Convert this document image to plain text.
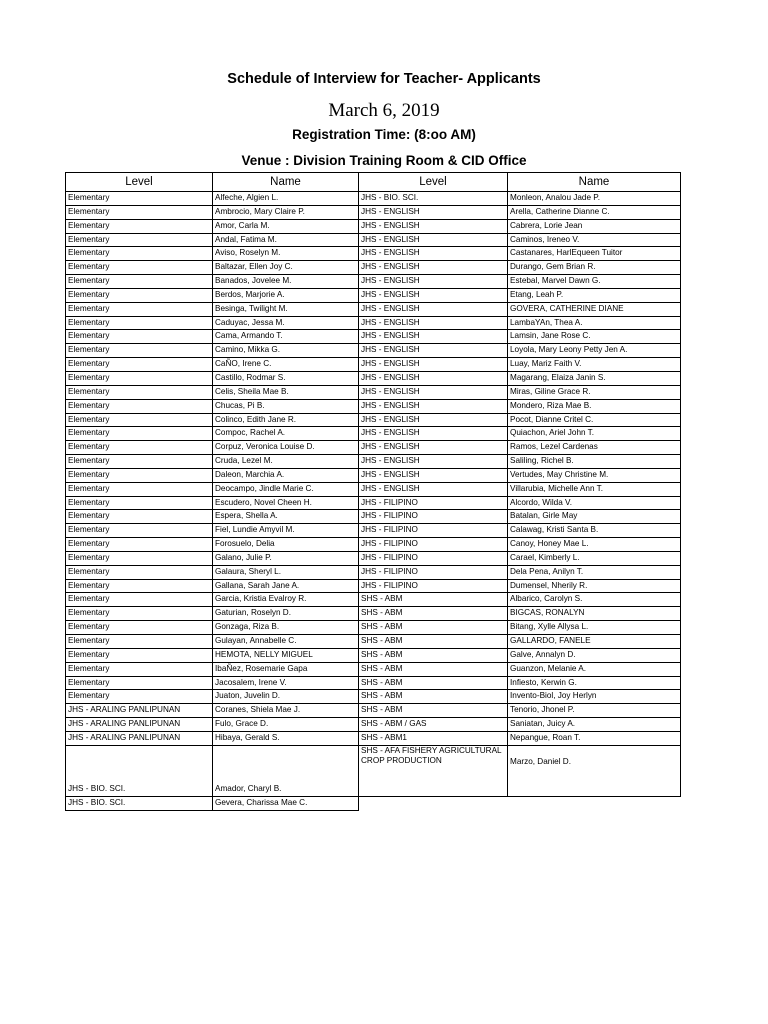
Schedule of Interview for Teacher- Applicants
March 6, 2019
Registration Time: (8:oo AM)
Venue : Division Training Room & CID Office
Level	Name	Level	Name
Elementary	Alfeche, Algien L.	JHS - BIO. SCI.	Monleon, Analou Jade P.
Elementary	Ambrocio, Mary Claire P.	JHS - ENGLISH	Arella, Catherine Dianne C.
Elementary	Amor, Carla M.	JHS - ENGLISH	Cabrera, Lorie Jean
Elementary	Andal, Fatima M.	JHS - ENGLISH	Caminos, Ireneo V.
Elementary	Aviso, Roselyn M.	JHS - ENGLISH	Castanares, HarlEqueen Tuitor
Elementary	Baltazar, Ellen Joy C.	JHS - ENGLISH	Durango, Gem Brian R.
Elementary	Banados, Jovelee M.	JHS - ENGLISH	Estebal, Marvel Dawn G.
Elementary	Berdos, Marjorie A.	JHS - ENGLISH	Etang, Leah P.
Elementary	Besinga, Twilight M.	JHS - ENGLISH	GOVERA, CATHERINE DIANE
Elementary	Caduyac, Jessa M.	JHS - ENGLISH	LambaYAn, Thea A.
Elementary	Cama, Armando T.	JHS - ENGLISH	Lamsin, Jane Rose C.
Elementary	Camino, Mikka G.	JHS - ENGLISH	Loyola, Mary Leony Petty Jen A.
Elementary	CaÑO, Irene C.	JHS - ENGLISH	Luay, Mariz Faith V.
Elementary	Castillo, Rodmar S.	JHS - ENGLISH	Magarang, Elaiza Janin S.
Elementary	Celis, Sheila Mae B.	JHS - ENGLISH	Miras, Giline Grace R.
Elementary	Chucas, Pi B.	JHS - ENGLISH	Mondero, Riza Mae B.
Elementary	Colinco, Edith Jane R.	JHS - ENGLISH	Pocot, Dianne Critel C.
Elementary	Compoc, Rachel A.	JHS - ENGLISH	Quiachon, Ariel John T.
Elementary	Corpuz, Veronica Louise D.	JHS - ENGLISH	Ramos, Lezel Cardenas
Elementary	Cruda, Lezel M.	JHS - ENGLISH	Saliling, Richel B.
Elementary	Daleon, Marchia A.	JHS - ENGLISH	Vertudes, May Christine M.
Elementary	Deocampo, Jindle Marie C.	JHS - ENGLISH	Villarubia, Michelle Ann T.
Elementary	Escudero, Novel Cheen H.	JHS - FILIPINO	Alcordo, Wilda V.
Elementary	Espera, Shella A.	JHS - FILIPINO	Batalan, Girle May
Elementary	Fiel, Lundie Amyvil M.	JHS - FILIPINO	Calawag, Kristi Santa B.
Elementary	Forosuelo, Delia	JHS - FILIPINO	Canoy, Honey Mae L.
Elementary	Galano, Julie P.	JHS - FILIPINO	Carael, Kimberly L.
Elementary	Galaura, Sheryl L.	JHS - FILIPINO	Dela Pena, Anilyn T.
Elementary	Gallana, Sarah Jane A.	JHS - FILIPINO	Dumensel, Nherily R.
Elementary	Garcia, Kristia Evalroy R.	SHS - ABM	Albarico, Carolyn S.
Elementary	Gaturian, Roselyn D.	SHS - ABM	BIGCAS, RONALYN
Elementary	Gonzaga, Riza B.	SHS - ABM	Bitang, Xylle Allysa L.
Elementary	Gulayan, Annabelle C.	SHS - ABM	GALLARDO, FANELE
Elementary	HEMOTA, NELLY MIGUEL	SHS - ABM	Galve, Annalyn D.
Elementary	IbaÑez, Rosemarie Gapa	SHS - ABM	Guanzon, Melanie A.
Elementary	Jacosalem, Irene V.	SHS - ABM	Infiesto, Kerwin G.
Elementary	Juaton, Juvelin D.	SHS - ABM	Invento-Biol, Joy Herlyn
JHS - ARALING PANLIPUNAN	Coranes, Shiela Mae J.	SHS - ABM	Tenorio, Jhonel P.
JHS - ARALING PANLIPUNAN	Fulo, Grace D.	SHS - ABM / GAS	Saniatan, Juicy A.
JHS - ARALING PANLIPUNAN	Hibaya, Gerald S.	SHS - ABM1	Nepangue, Roan T.
JHS - BIO. SCI.	Amador, Charyl B.	SHS - AFA FISHERY AGRICULTURAL CROP PRODUCTION	Marzo, Daniel D.
JHS - BIO. SCI.	Gevera, Charissa Mae C.		
